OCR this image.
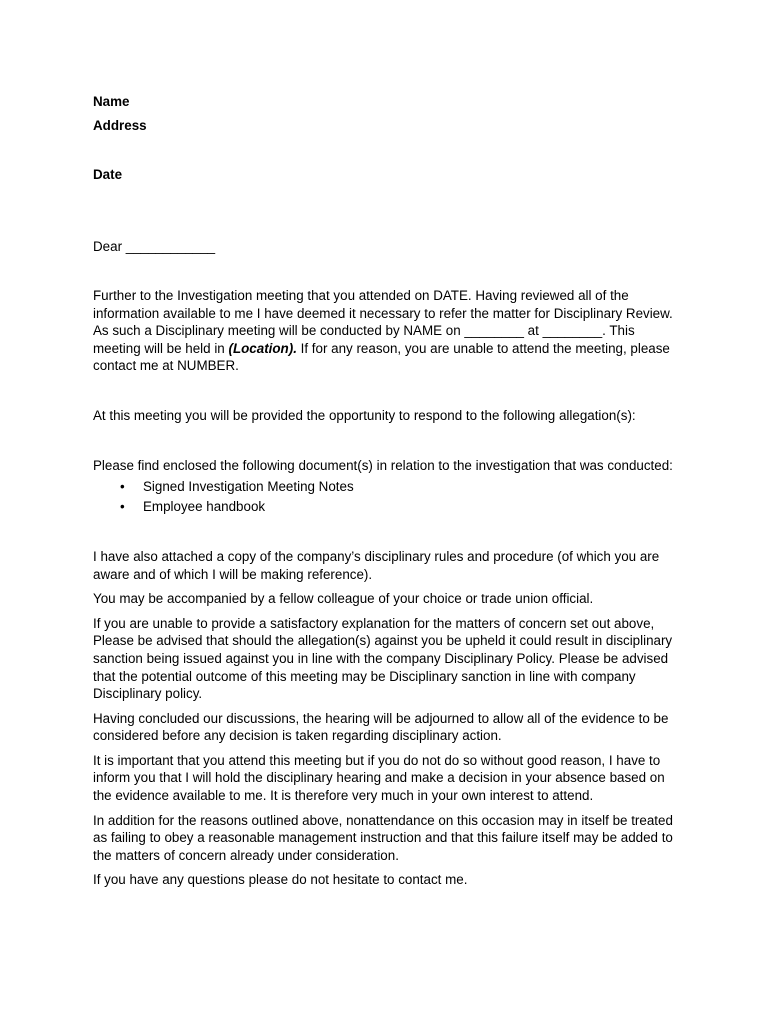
Name

Address

Date

Dear ____________

Further to the Investigation meeting that you attended on DATE. Having reviewed all of the information available to me I have deemed it necessary to refer the matter for Disciplinary Review. As such a Disciplinary meeting will be conducted by NAME on ________ at ________. This meeting will be held in (Location). If for any reason, you are unable to attend the meeting, please contact me at NUMBER.

At this meeting you will be provided the opportunity to respond to the following allegation(s):

Please find enclosed the following document(s) in relation to the investigation that was conducted:

• Signed Investigation Meeting Notes
• Employee handbook

I have also attached a copy of the company’s disciplinary rules and procedure (of which you are aware and of which I will be making reference).

You may be accompanied by a fellow colleague of your choice or trade union official.

If you are unable to provide a satisfactory explanation for the matters of concern set out above, Please be advised that should the allegation(s) against you be upheld it could result in disciplinary sanction being issued against you in line with the company Disciplinary Policy. Please be advised that the potential outcome of this meeting may be Disciplinary sanction in line with company Disciplinary policy.

Having concluded our discussions, the hearing will be adjourned to allow all of the evidence to be considered before any decision is taken regarding disciplinary action.

It is important that you attend this meeting but if you do not do so without good reason, I have to inform you that I will hold the disciplinary hearing and make a decision in your absence based on the evidence available to me. It is therefore very much in your own interest to attend.

In addition for the reasons outlined above, nonattendance on this occasion may in itself be treated as failing to obey a reasonable management instruction and that this failure itself may be added to the matters of concern already under consideration.

If you have any questions please do not hesitate to contact me.
